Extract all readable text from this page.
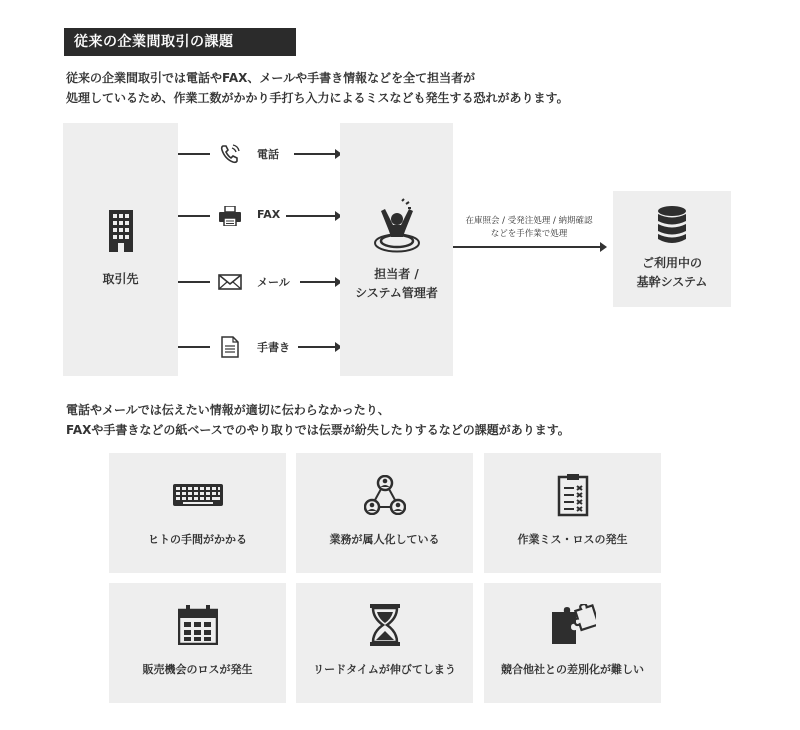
従来の企業間取引の課題

従来の企業間取引では電話やFAX、メールや手書き情報などを全て担当者が

処理しているため、作業工数がかかり手打ち入力によるミスなども発生する恐れがあります。

取引先
電話
FAX
メール
手書き
担当者 /
システム管理者
在庫照会 / 受発注処理 / 納期確認
などを手作業で処理
ご利用中の
基幹システム

電話やメールでは伝えたい情報が適切に伝わらなかったり、

FAXや手書きなどの紙ベースでのやり取りでは伝票が紛失したりするなどの課題があります。

ヒトの手間がかかる	業務が属人化している	作業ミス・ロスの発生
販売機会のロスが発生	リードタイムが伸びてしまう	競合他社との差別化が難しい
